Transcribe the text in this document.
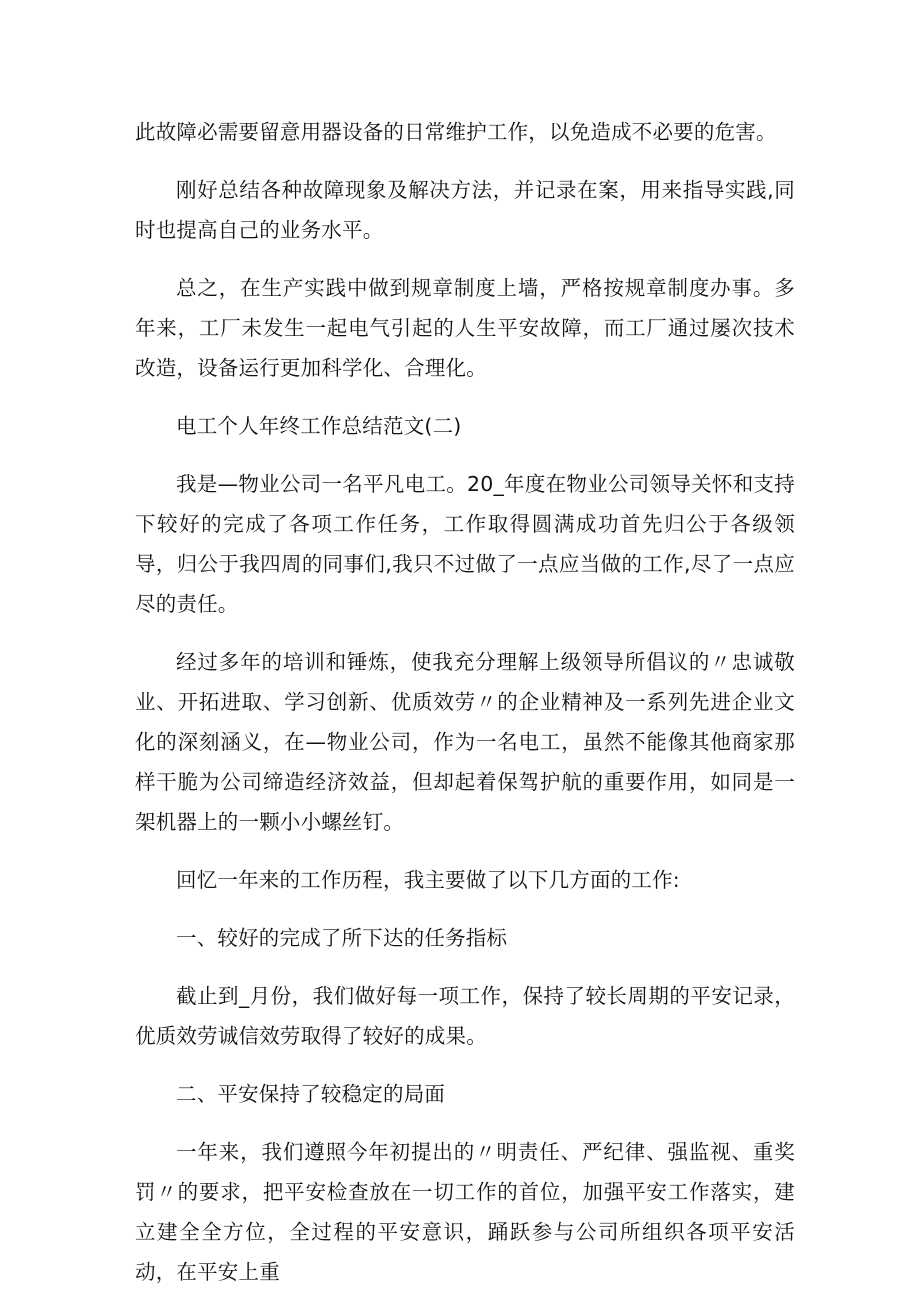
此故障必需要留意用器设备的日常维护工作，以免造成不必要的危害。

刚好总结各种故障现象及解决方法，并记录在案，用来指导实践,同时也提高自己的业务水平。

总之，在生产实践中做到规章制度上墙，严格按规章制度办事。多年来，工厂未发生一起电气引起的人生平安故障，而工厂通过屡次技术改造，设备运行更加科学化、合理化。

电工个人年终工作总结范文(二)

我是—物业公司一名平凡电工。20_年度在物业公司领导关怀和支持下较好的完成了各项工作任务，工作取得圆满成功首先归公于各级领导，归公于我四周的同事们,我只不过做了一点应当做的工作,尽了一点应尽的责任。

经过多年的培训和锤炼，使我充分理解上级领导所倡议的〃忠诚敬业、开拓进取、学习创新、优质效劳〃的企业精神及一系列先进企业文化的深刻涵义，在—物业公司，作为一名电工，虽然不能像其他商家那样干脆为公司缔造经济效益，但却起着保驾护航的重要作用，如同是一架机器上的一颗小小螺丝钉。

回忆一年来的工作历程，我主要做了以下几方面的工作:

一、较好的完成了所下达的任务指标

截止到_月份，我们做好每一项工作，保持了较长周期的平安记录，优质效劳诚信效劳取得了较好的成果。

二、平安保持了较稳定的局面

一年来，我们遵照今年初提出的〃明责任、严纪律、强监视、重奖罚〃的要求，把平安检查放在一切工作的首位，加强平安工作落实，建立建全全方位，全过程的平安意识，踊跃参与公司所组织各项平安活动，在平安上重
